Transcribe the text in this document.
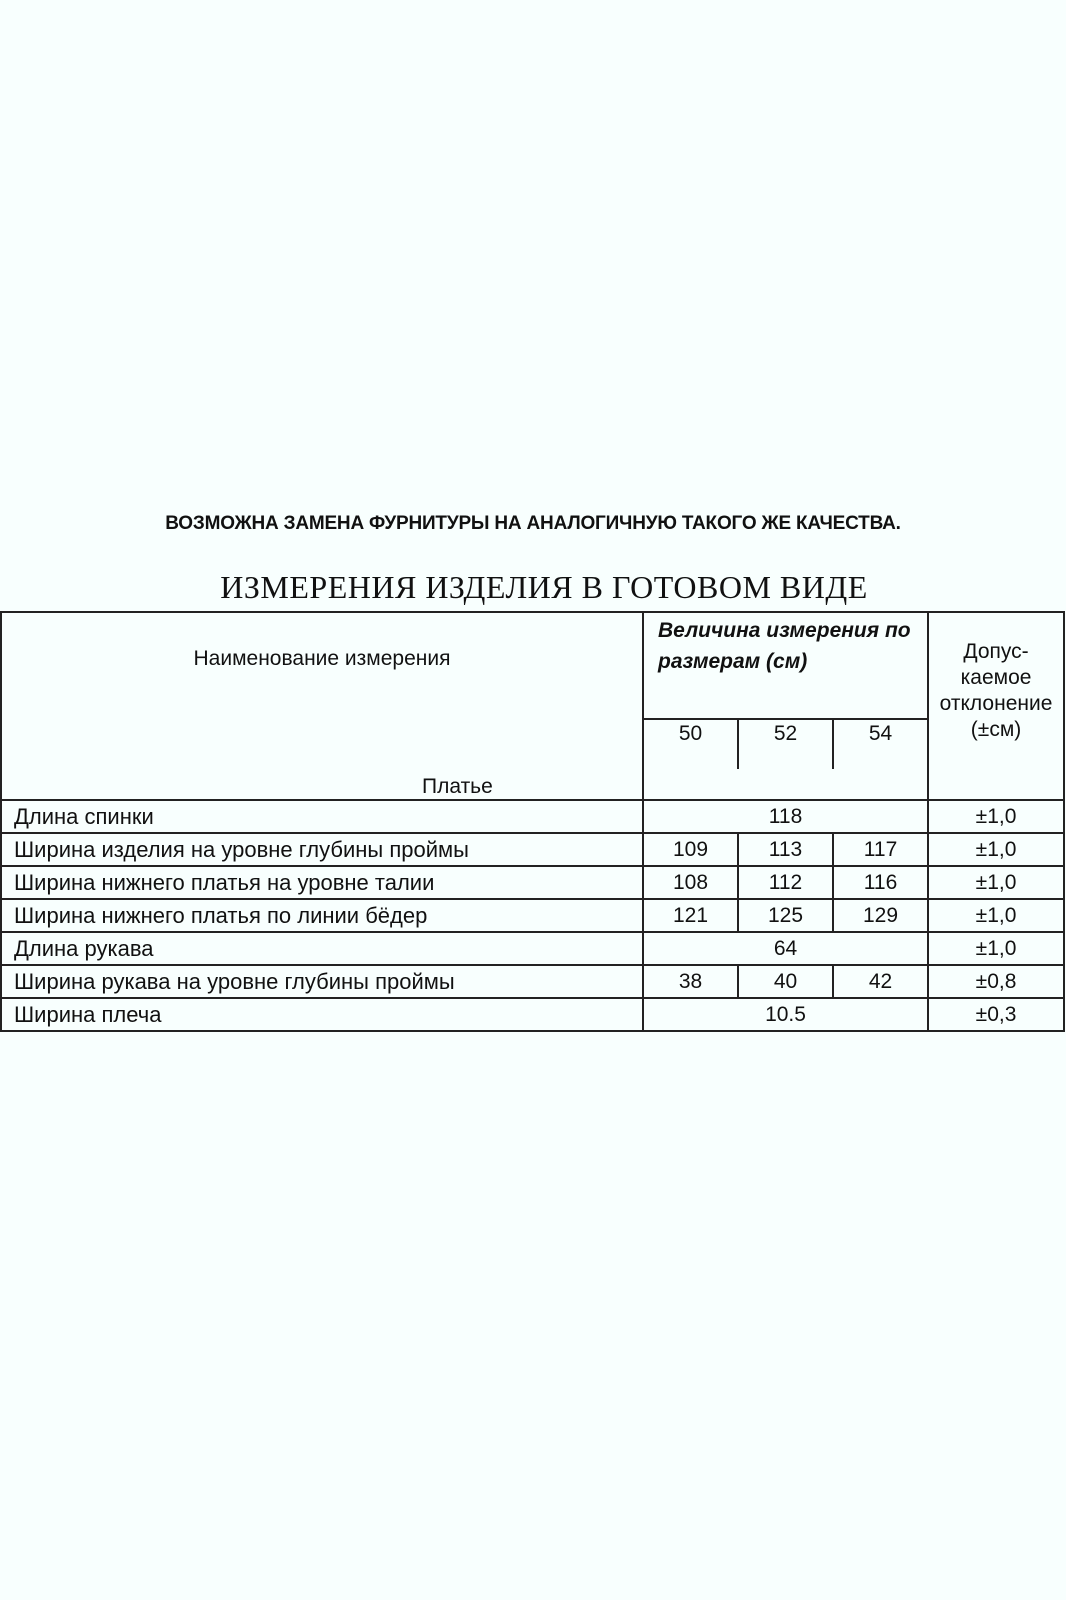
ВОЗМОЖНА ЗАМЕНА ФУРНИТУРЫ НА АНАЛОГИЧНУЮ ТАКОГО ЖЕ КАЧЕСТВА.
ИЗМЕРЕНИЯ ИЗДЕЛИЯ В ГОТОВОМ ВИДЕ
Наименование измерения	Величина измерения по размерам (см)			Допус-
каемое
отклонение
(±см)

	50	52	54	
Платье				
Длина спинки	118			±1,0
Ширина изделия на уровне глубины проймы	109	113	117	±1,0
Ширина нижнего платья на уровне талии	108	112	116	±1,0
Ширина нижнего платья по линии бёдер	121	125	129	±1,0
Длина рукава	64			±1,0
Ширина рукава на уровне глубины проймы	38	40	42	±0,8
Ширина плеча	10.5			±0,3
